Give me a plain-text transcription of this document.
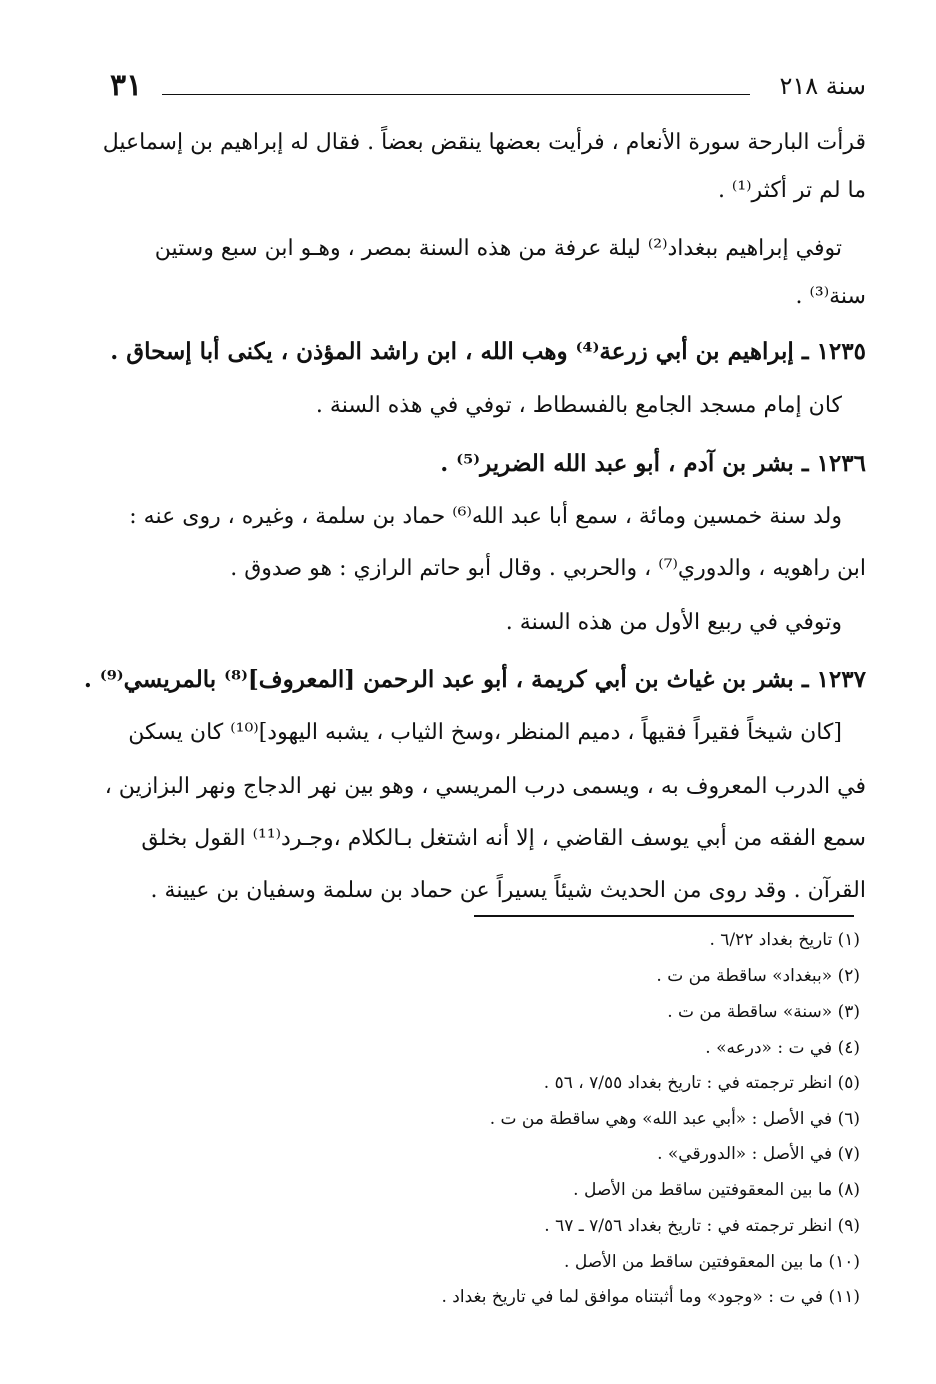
سنة ٢١٨
٣١
قرأت البارحة سورة الأنعام ، فرأيت بعضها ينقض بعضاً . فقال له إبراهيم بن إسماعيل
ما لم تر أكثر⁽¹⁾ .
توفي إبراهيم ببغداد⁽²⁾ ليلة عرفة من هذه السنة بمصر ، وهـو ابن سبع وستين
سنة⁽³⁾ .
١٢٣٥ ـ إبراهيم بن أبي زرعة⁽⁴⁾ وهب الله ، ابن راشد المؤذن ، يكنى أبا إسحاق .
كان إمام مسجد الجامع بالفسطاط ، توفي في هذه السنة .
١٢٣٦ ـ بشر بن آدم ، أبو عبد الله الضرير⁽⁵⁾ .
ولد سنة خمسين ومائة ، سمع أبا عبد الله⁽⁶⁾ حماد بن سلمة ، وغيره ، روى عنه :
ابن راهويه ، والدوري⁽⁷⁾ ، والحربي . وقال أبو حاتم الرازي : هو صدوق .
وتوفي في ربيع الأول من هذه السنة .
١٢٣٧ ـ بشر بن غياث بن أبي كريمة ، أبو عبد الرحمن [المعروف]⁽⁸⁾ بالمريسي⁽⁹⁾ .
[كان شيخاً فقيراً فقيهاً ، دميم المنظر ،وسخ الثياب ، يشبه اليهود]⁽¹⁰⁾ كان يسكن
في الدرب المعروف به ، ويسمى درب المريسي ، وهو بين نهر الدجاج ونهر البزازين ،
سمع الفقه من أبي يوسف القاضي ، إلا أنه اشتغل بـالكلام ،وجـرد⁽¹¹⁾ القول بخلق
القرآن . وقد روى من الحديث شيئاً يسيراً عن حماد بن سلمة وسفيان بن عيينة .
(١) تاريخ بغداد ٦/٢٢ .
(٢) «ببغداد» ساقطة من ت .
(٣) «سنة» ساقطة من ت .
(٤) في ت : «درعه» .
(٥) انظر ترجمته في : تاريخ بغداد ٧/٥٥ ، ٥٦ .
(٦) في الأصل : «أبي عبد الله» وهي ساقطة من ت .
(٧) في الأصل : «الدورقي» .
(٨) ما بين المعقوفتين ساقط من الأصل .
(٩) انظر ترجمته في : تاريخ بغداد ٧/٥٦ ـ ٦٧ .
(١٠) ما بين المعقوفتين ساقط من الأصل .
(١١) في ت : «وجود» وما أثبتناه موافق لما في تاريخ بغداد .
